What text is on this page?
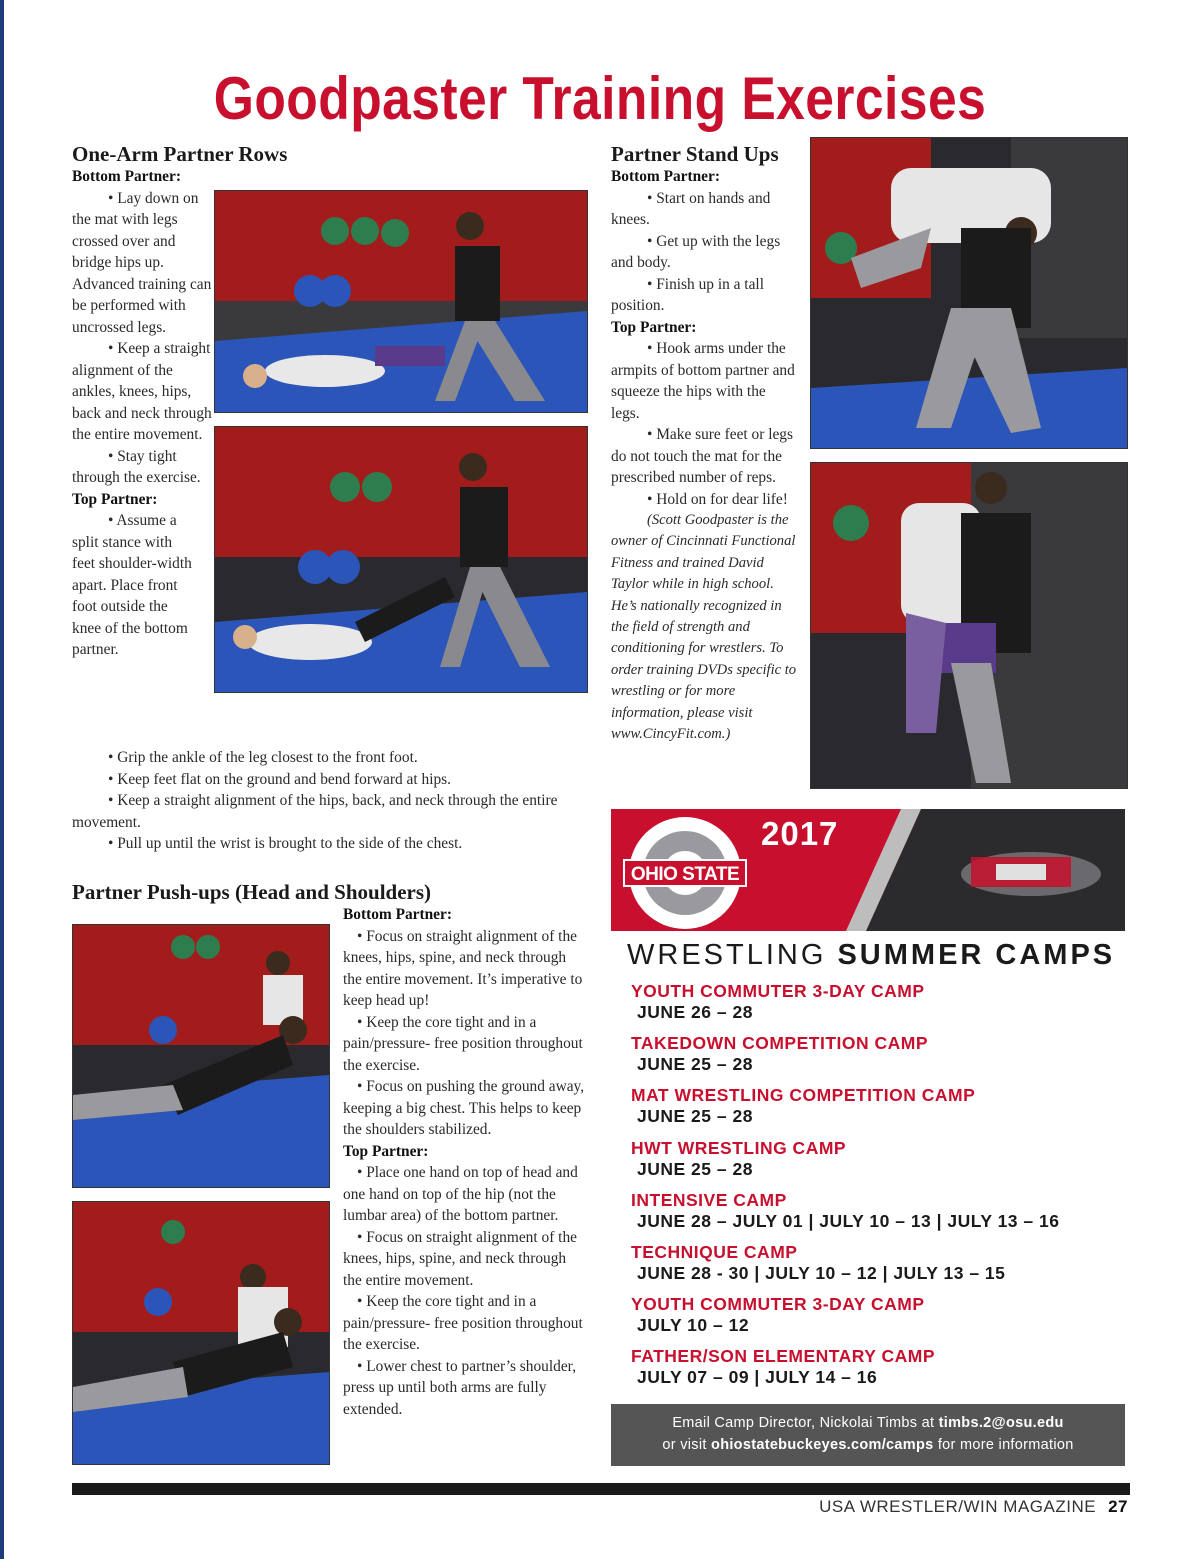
Goodpaster Training Exercises
One-Arm Partner Rows

Bottom Partner:

• Lay down on the mat with legs crossed over and bridge hips up. Advanced training can be performed with uncrossed legs.

• Keep a straight alignment of the ankles, knees, hips, back and neck through the entire movement.

• Stay tight through the exercise.

Top Partner:

• Assume a split stance with feet shoulder-width apart. Place front foot outside the knee of the bottom partner.

• Grip the ankle of the leg closest to the front foot.

• Keep feet flat on the ground and bend forward at hips.

• Keep a straight alignment of the hips, back, and neck through the entire movement.

• Pull up until the wrist is brought to the side of the chest.

Partner Stand Ups

Bottom Partner:

• Start on hands and knees.

• Get up with the legs and body.

• Finish up in a tall position.

Top Partner:

• Hook arms under the armpits of bottom partner and squeeze the hips with the legs.

• Make sure feet or legs do not touch the mat for the prescribed number of reps.

• Hold on for dear life!

(Scott Goodpaster is the owner of Cincinnati Functional Fitness and trained David Taylor while in high school. He’s nationally recognized in the field of strength and conditioning for wrestlers. To order training DVDs specific to wrestling or for more information, please visit www.CincyFit.com.)

Partner Push-ups (Head and Shoulders)

Bottom Partner:

• Focus on straight alignment of the knees, hips, spine, and neck through the entire movement. It’s imperative to keep head up!

• Keep the core tight and in a pain/pressure- free position throughout the exercise.

• Focus on pushing the ground away, keeping a big chest. This helps to keep the shoulders stabilized.

Top Partner:

• Place one hand on top of head and one hand on top of the hip (not the lumbar area) of the bottom partner.

• Focus on straight alignment of the knees, hips, spine, and neck through the entire movement.

• Keep the core tight and in a pain/pressure- free position throughout the exercise.

• Lower chest to partner’s shoulder, press up until both arms are fully extended.

OHIO STATE
2017
WRESTLING SUMMER CAMPS
YOUTH COMMUTER 3-DAY CAMP
JUNE 26 – 28
TAKEDOWN COMPETITION CAMP
JUNE 25 – 28
MAT WRESTLING COMPETITION CAMP
JUNE 25 – 28
HWT WRESTLING CAMP
JUNE 25 – 28
INTENSIVE CAMP
JUNE 28 – JULY 01 | JULY 10 – 13 | JULY 13 – 16
TECHNIQUE CAMP
JUNE 28 - 30 | JULY 10 – 12 | JULY 13 – 15
YOUTH COMMUTER 3-DAY CAMP
JULY 10 – 12
FATHER/SON ELEMENTARY CAMP
JULY 07 – 09 | JULY 14 – 16
Email Camp Director, Nickolai Timbs at timbs.2@osu.edu
or visit ohiostatebuckeyes.com/camps for more information
USA WRESTLER/WIN MAGAZINE 27
